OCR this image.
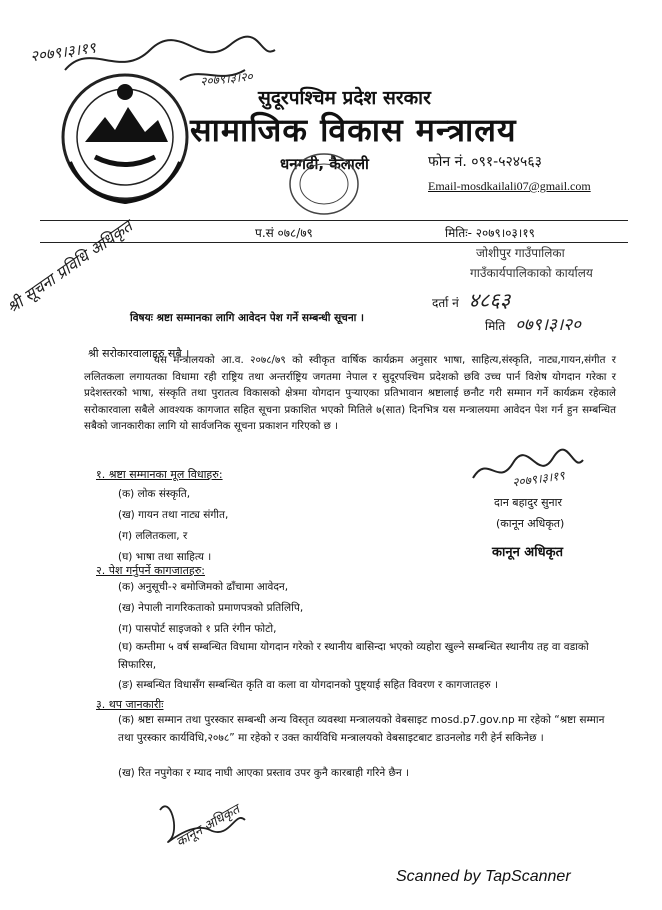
२०७९।३।१९
२०७९।३।२०
सुदूरपश्चिम प्रदेश सरकार
सामाजिक विकास मन्त्रालय
धनगढी, कैलाली	फोन नं. ०९१-५२४५६३
Email-mosdkailali07@gmail.com
प.सं ०७८/७९	मितिः- २०७९।०३।१९
जोशीपुर गाउँपालिका
गाउँकार्यपालिकाको कार्यालय
दर्ता नं ४८६३
मिति ०७९।३।२०
श्री सूचना प्रविधि अधिकृत
विषयः श्रष्टा सम्मानका लागि आवेदन पेश गर्ने सम्बन्धी सूचना ।
श्री सरोकारवालाहरु सबै ।
यस मन्त्रालयको आ.व. २०७८/७९ को स्वीकृत वार्षिक कार्यक्रम अनुसार भाषा, साहित्य,संस्कृति, नाट्य,गायन,संगीत र ललितकला लगायतका विधामा रही राष्ट्रिय तथा अन्तर्राष्ट्रिय जगतमा नेपाल र सुदूरपश्चिम प्रदेशको छवि उच्च पार्न विशेष योगदान गरेका र प्रदेशस्तरको भाषा, संस्कृति तथा पुरातत्व विकासको क्षेत्रमा योगदान पुर्‍याएका प्रतिभावान श्रष्टालाई छनौट गरी सम्मान गर्ने कार्यक्रम रहेकाले सरोकारवाला सबैले आवश्यक कागजात सहित सूचना प्रकाशित भएको मितिले ७(सात) दिनभित्र यस मन्त्रालयमा आवेदन पेश गर्न हुन सम्बन्धित सबैको जानकारीका लागि यो सार्वजनिक सूचना प्रकाशन गरिएको छ ।
२०७९।३।१९
दान बहादुर सुनार
(कानून अधिकृत)
कानून अधिकृत
१. श्रष्टा सम्मानका मूल विधाहरु:
(क) लोक संस्कृति,
(ख) गायन तथा नाट्य संगीत,
(ग) ललितकला, र
(घ) भाषा तथा साहित्य ।
२. पेश गर्नुपर्ने कागजातहरु:
(क) अनुसूची-२ बमोजिमको ढाँचामा आवेदन,
(ख) नेपाली नागरिकताको प्रमाणपत्रको प्रतिलिपि,
(ग) पासपोर्ट साइजको १ प्रति रंगीन फोटो,
(घ) कम्तीमा ५ वर्ष सम्बन्धित विधामा योगदान गरेको र स्थानीय बासिन्दा भएको व्यहोरा खुल्ने सम्बन्धित स्थानीय तह वा वडाको सिफारिस,
(ङ) सम्बन्धित विधासँग सम्बन्धित कृति वा कला वा योगदानको पुष्ट्याई सहित विवरण र कागजातहरु ।
३. थप जानकारीः
(क) श्रष्टा सम्मान तथा पुरस्कार सम्बन्धी अन्य विस्तृत व्यवस्था मन्त्रालयको वेबसाइट mosd.p7.gov.np मा रहेको “श्रष्टा सम्मान तथा पुरस्कार कार्यविधि,२०७८” मा रहेको र उक्त कार्यविधि मन्त्रालयको वेबसाइटबाट डाउनलोड गरी हेर्न सकिनेछ ।
(ख) रित नपुगेका र म्याद नाघी आएका प्रस्ताव उपर कुनै कारबाही गरिने छैन ।
कानून अधिकृत
Scanned by TapScanner
